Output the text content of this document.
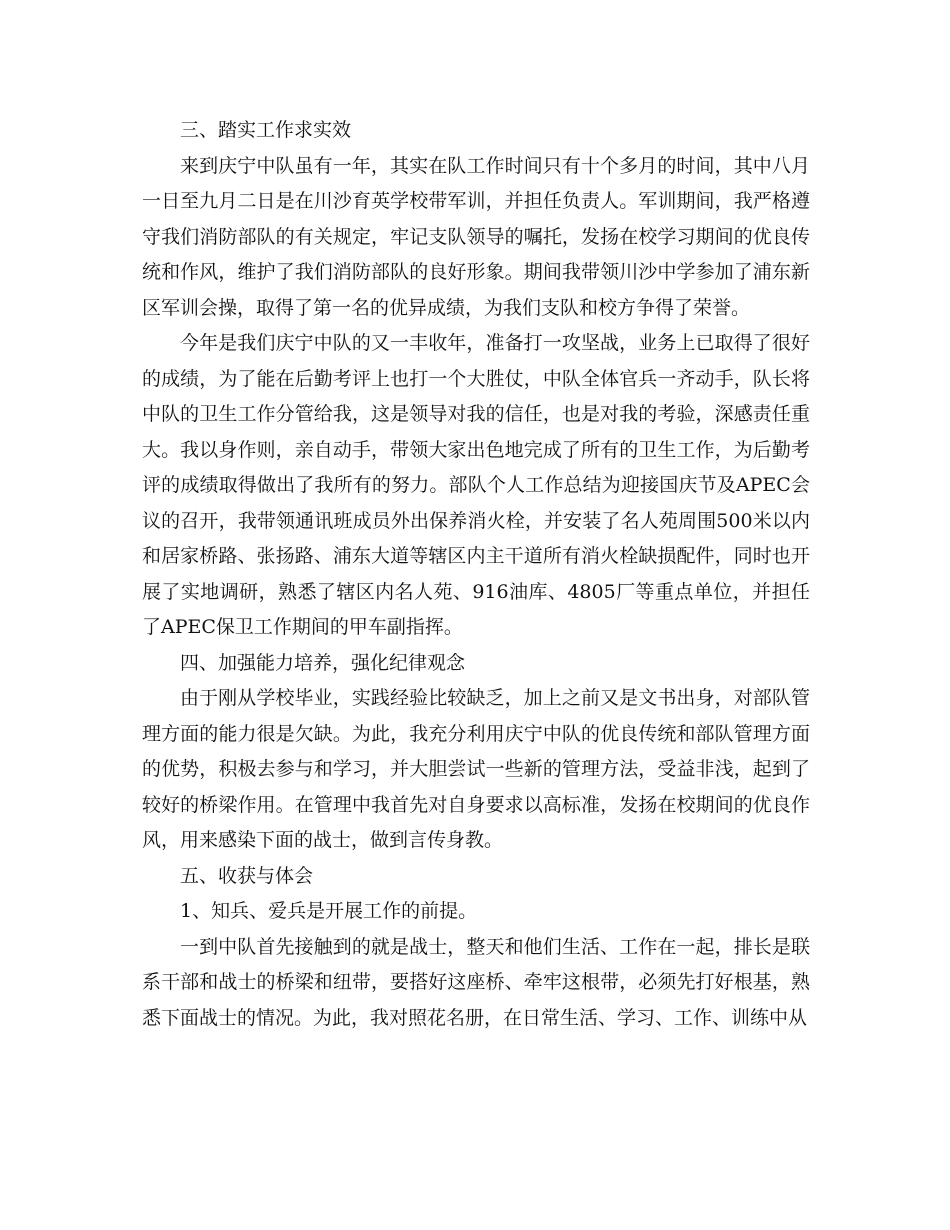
三、踏实工作求实效

来到庆宁中队虽有一年，其实在队工作时间只有十个多月的时间，其中八月一日至九月二日是在川沙育英学校带军训，并担任负责人。军训期间，我严格遵守我们消防部队的有关规定，牢记支队领导的嘱托，发扬在校学习期间的优良传统和作风，维护了我们消防部队的良好形象。期间我带领川沙中学参加了浦东新区军训会操，取得了第一名的优异成绩，为我们支队和校方争得了荣誉。

今年是我们庆宁中队的又一丰收年，准备打一攻坚战，业务上已取得了很好的成绩，为了能在后勤考评上也打一个大胜仗，中队全体官兵一齐动手，队长将中队的卫生工作分管给我，这是领导对我的信任，也是对我的考验，深感责任重大。我以身作则，亲自动手，带领大家出色地完成了所有的卫生工作，为后勤考评的成绩取得做出了我所有的努力。部队个人工作总结为迎接国庆节及APEC会议的召开，我带领通讯班成员外出保养消火栓，并安装了名人苑周围500米以内和居家桥路、张扬路、浦东大道等辖区内主干道所有消火栓缺损配件，同时也开展了实地调研，熟悉了辖区内名人苑、916油库、4805厂等重点单位，并担任了APEC保卫工作期间的甲车副指挥。

四、加强能力培养，强化纪律观念

由于刚从学校毕业，实践经验比较缺乏，加上之前又是文书出身，对部队管理方面的能力很是欠缺。为此，我充分利用庆宁中队的优良传统和部队管理方面的优势，积极去参与和学习，并大胆尝试一些新的管理方法，受益非浅，起到了较好的桥梁作用。在管理中我首先对自身要求以高标准，发扬在校期间的优良作风，用来感染下面的战士，做到言传身教。

五、收获与体会

1、知兵、爱兵是开展工作的前提。

一到中队首先接触到的就是战士，整天和他们生活、工作在一起，排长是联系干部和战士的桥梁和纽带，要搭好这座桥、牵牢这根带，必须先打好根基，熟悉下面战士的情况。为此，我对照花名册，在日常生活、学习、工作、训练中从
